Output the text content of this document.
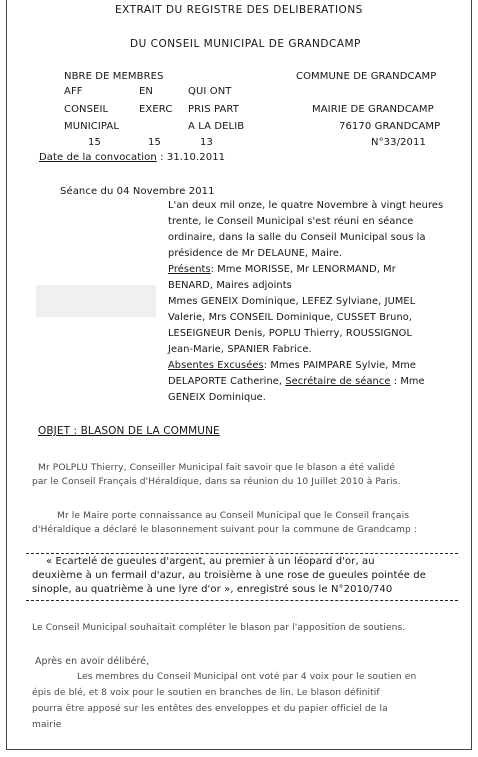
EXTRAIT DU REGISTRE DES DELIBERATIONS
DU CONSEIL MUNICIPAL DE GRANDCAMP
NBRE DE MEMBRES
AFF
CONSEIL
MUNICIPAL
EN
EXERC
QUI ONT
PRIS PART
A LA DELIB
15	15	13
COMMUNE DE GRANDCAMP
MAIRIE DE GRANDCAMP
76170 GRANDCAMP
N°33/2011
Date de la convocation : 31.10.2011
Séance du 04 Novembre 2011
L'an deux mil onze, le quatre Novembre à vingt heures
trente, le Conseil Municipal s'est réuni en séance
ordinaire, dans la salle du Conseil Municipal sous la
présidence de Mr DELAUNE, Maire.
Présents: Mme MORISSE, Mr LENORMAND, Mr
BENARD, Maires adjoints
Mmes GENEIX Dominique, LEFEZ Sylviane, JUMEL
Valerie, Mrs CONSEIL Dominique, CUSSET Bruno,
LESEIGNEUR Denis, POPLU Thierry, ROUSSIGNOL
Jean-Marie, SPANIER Fabrice.
Absentes Excusées: Mmes PAIMPARE Sylvie, Mme
DELAPORTE Catherine, Secrétaire de séance : Mme
GENEIX Dominique.
OBJET : BLASON DE LA COMMUNE
Mr POLPLU Thierry, Conseiller Municipal fait savoir que le blason a été validé
par le Conseil Français d'Héraldique, dans sa réunion du 10 Juillet 2010 à Paris.
Mr le Maire porte connaissance au Conseil Municipal que le Conseil français
d'Héraldique a déclaré le blasonnement suivant pour la commune de Grandcamp :
« Ecartelé de gueules d'argent, au premier à un léopard d'or, au
deuxième à un fermail d'azur, au troisième à une rose de gueules pointée de
sinople, au quatrième à une lyre d'or », enregistré sous le N°2010/740
Le Conseil Municipal souhaitait compléter le blason par l'apposition de soutiens.
Après en avoir délibéré,
Les membres du Conseil Municipal ont voté par 4 voix pour le soutien en
épis de blé, et 8 voix pour le soutien en branches de lin. Le blason définitif
pourra être apposé sur les entêtes des enveloppes et du papier officiel de la
mairie
